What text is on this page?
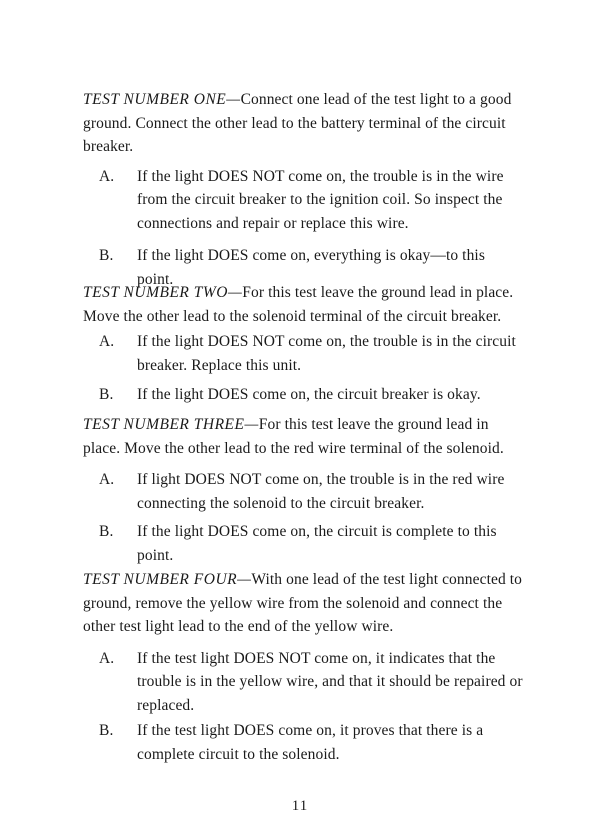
TEST NUMBER ONE—Connect one lead of the test light to a good ground. Connect the other lead to the battery terminal of the circuit breaker.

A. If the light DOES NOT come on, the trouble is in the wire from the circuit breaker to the ignition coil. So inspect the connections and repair or replace this wire.
B. If the light DOES come on, everything is okay—to this point.

TEST NUMBER TWO—For this test leave the ground lead in place. Move the other lead to the solenoid terminal of the circuit breaker.

A. If the light DOES NOT come on, the trouble is in the circuit breaker. Replace this unit.
B. If the light DOES come on, the circuit breaker is okay.

TEST NUMBER THREE—For this test leave the ground lead in place. Move the other lead to the red wire terminal of the solenoid.

A. If light DOES NOT come on, the trouble is in the red wire connecting the solenoid to the circuit breaker.
B. If the light DOES come on, the circuit is complete to this point.

TEST NUMBER FOUR—With one lead of the test light connected to ground, remove the yellow wire from the solenoid and connect the other test light lead to the end of the yellow wire.

A. If the test light DOES NOT come on, it indicates that the trouble is in the yellow wire, and that it should be repaired or replaced.
B. If the test light DOES come on, it proves that there is a complete circuit to the solenoid.
11
